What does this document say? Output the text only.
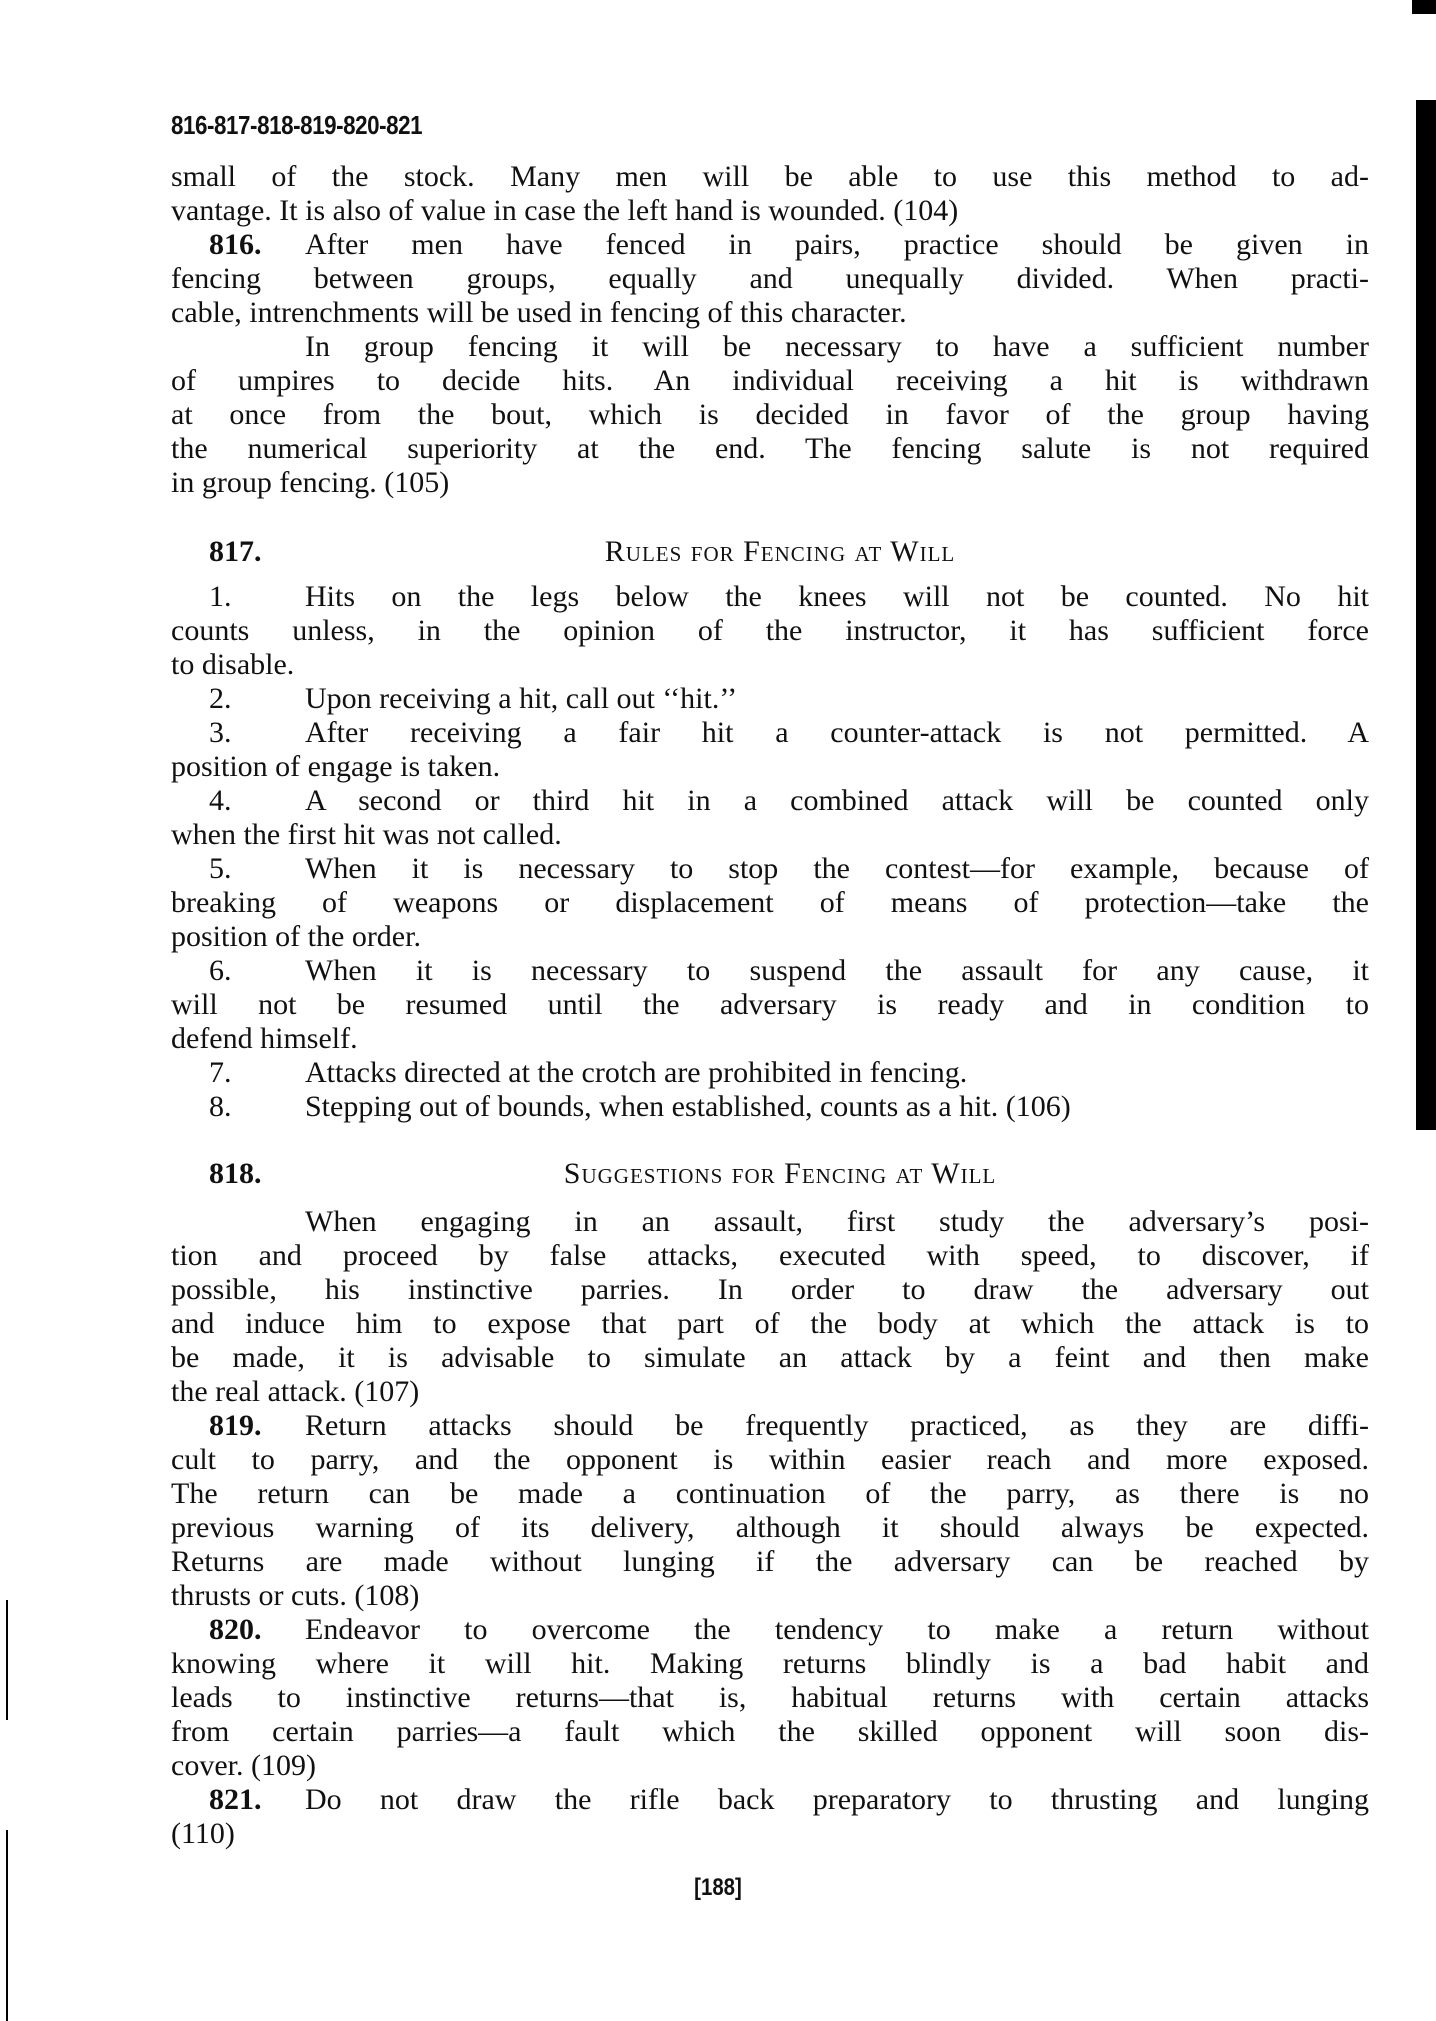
816-817-818-819-820-821
small of the stock. Many men will be able to use this method to ad-
vantage. It is also of value in case the left hand is wounded. (104)
816. After men have fenced in pairs, practice should be given in
fencing between groups, equally and unequally divided. When practi-
cable, intrenchments will be used in fencing of this character.
In group fencing it will be necessary to have a sufficient number
of umpires to decide hits. An individual receiving a hit is withdrawn
at once from the bout, which is decided in favor of the group having
the numerical superiority at the end. The fencing salute is not required
in group fencing. (105)
817.	Rules for Fencing at Will
1.	Hits on the legs below the knees will not be counted. No hit
counts unless, in the opinion of the instructor, it has sufficient force
to disable.
2.	Upon receiving a hit, call out ‘‘hit.’’
3.	After receiving a fair hit a counter-attack is not permitted. A
position of engage is taken.
4.	A second or third hit in a combined attack will be counted only
when the first hit was not called.
5.	When it is necessary to stop the contest—for example, because of
breaking of weapons or displacement of means of protection—take the
position of the order.
6.	When it is necessary to suspend the assault for any cause, it
will not be resumed until the adversary is ready and in condition to
defend himself.
7.	Attacks directed at the crotch are prohibited in fencing.
8.	Stepping out of bounds, when established, counts as a hit. (106)
818.	Suggestions for Fencing at Will
When engaging in an assault, first study the adversary’s posi-
tion and proceed by false attacks, executed with speed, to discover, if
possible, his instinctive parries. In order to draw the adversary out
and induce him to expose that part of the body at which the attack is to
be made, it is advisable to simulate an attack by a feint and then make
the real attack. (107)
819. Return attacks should be frequently practiced, as they are diffi-
cult to parry, and the opponent is within easier reach and more exposed.
The return can be made a continuation of the parry, as there is no
previous warning of its delivery, although it should always be expected.
Returns are made without lunging if the adversary can be reached by
thrusts or cuts. (108)
820. Endeavor to overcome the tendency to make a return without
knowing where it will hit. Making returns blindly is a bad habit and
leads to instinctive returns—that is, habitual returns with certain attacks
from certain parries—a fault which the skilled opponent will soon dis-
cover. (109)
821. Do not draw the rifle back preparatory to thrusting and lunging
(110)
[188]
